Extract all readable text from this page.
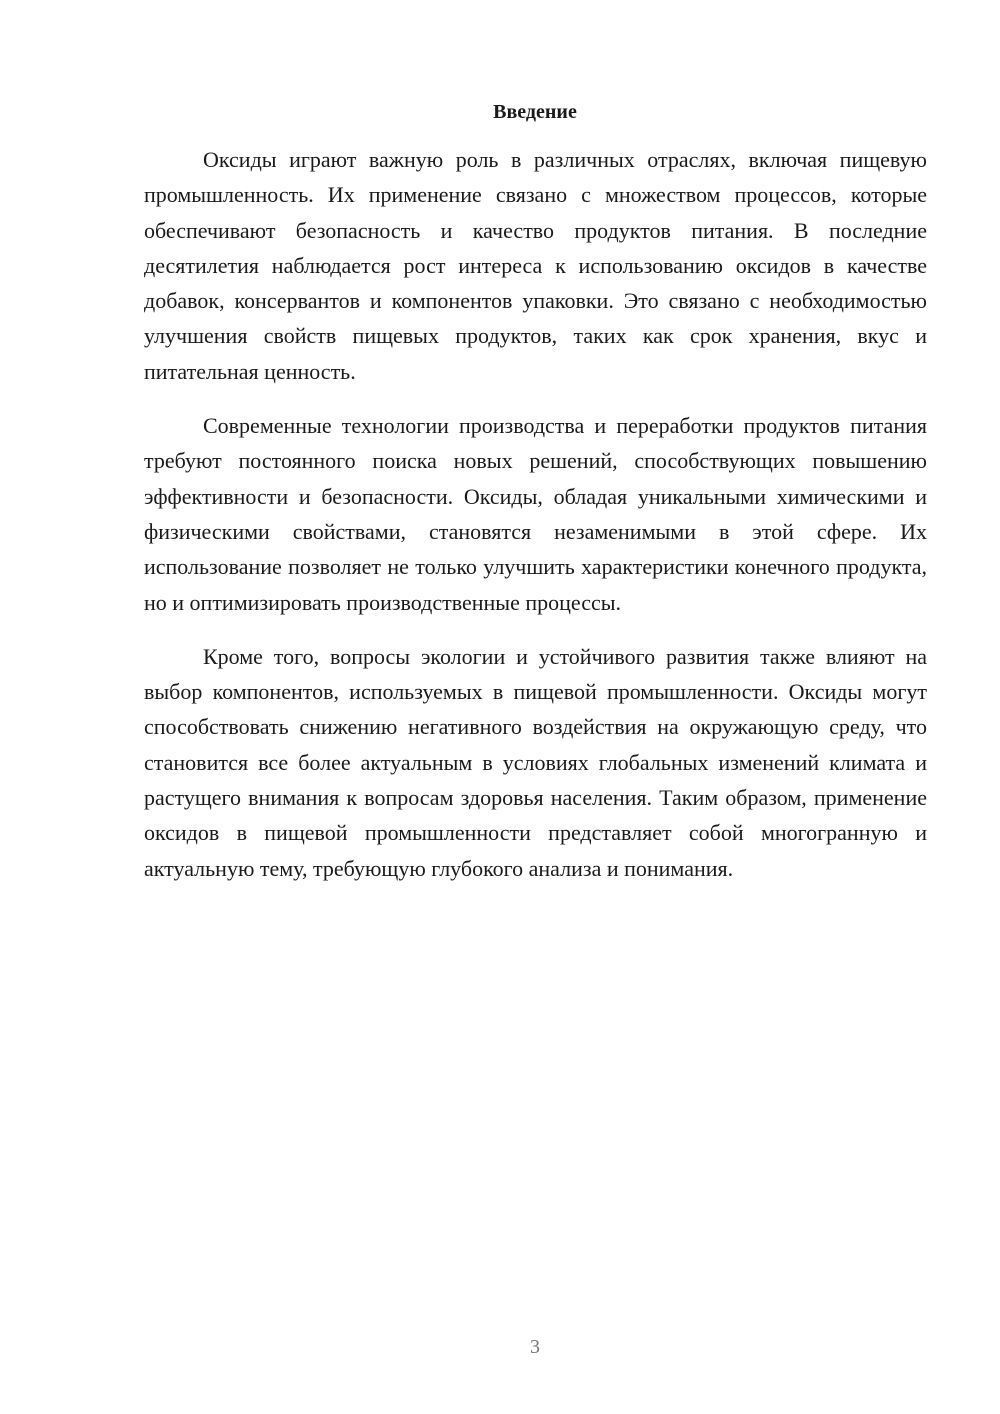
Введение

Оксиды играют важную роль в различных отраслях, включая пищевую промышленность. Их применение связано с множеством процессов, которые обеспечивают безопасность и качество продуктов питания. В последние десятилетия наблюдается рост интереса к использованию оксидов в качестве добавок, консервантов и компонентов упаковки. Это связано с необходимостью улучшения свойств пищевых продуктов, таких как срок хранения, вкус и питательная ценность.

Современные технологии производства и переработки продуктов питания требуют постоянного поиска новых решений, способствующих повышению эффективности и безопасности. Оксиды, обладая уникальными химическими и физическими свойствами, становятся незаменимыми в этой сфере. Их использование позволяет не только улучшить характеристики конечного продукта, но и оптимизировать производственные процессы.

Кроме того, вопросы экологии и устойчивого развития также влияют на выбор компонентов, используемых в пищевой промышленности. Оксиды могут способствовать снижению негативного воздействия на окружающую среду, что становится все более актуальным в условиях глобальных изменений климата и растущего внимания к вопросам здоровья населения. Таким образом, применение оксидов в пищевой промышленности представляет собой многогранную и актуальную тему, требующую глубокого анализа и понимания.

3
